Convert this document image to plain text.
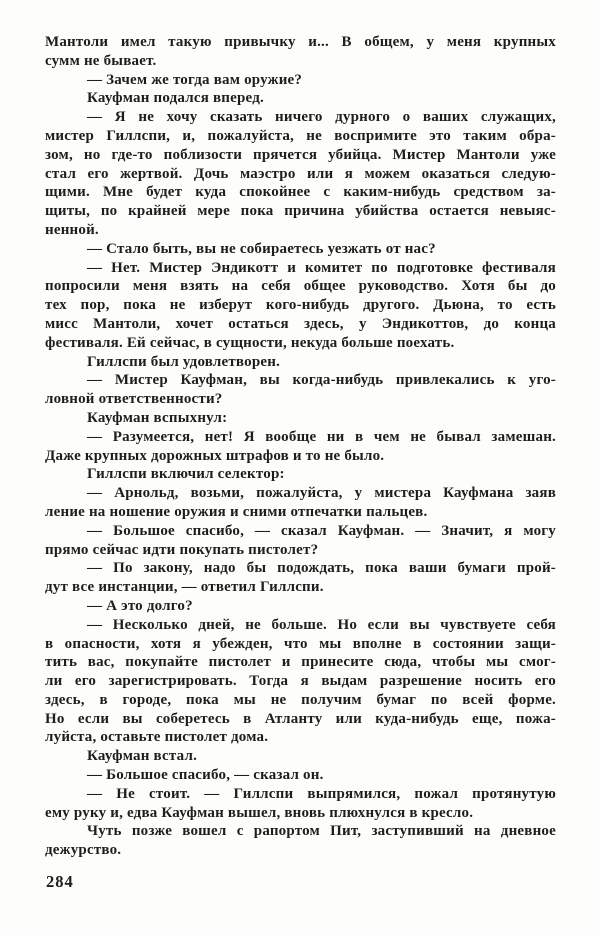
Мантоли имел такую привычку и... В общем, у меня крупных
сумм не бывает.
— Зачем же тогда вам оружие?
Кауфман подался вперед.
— Я не хочу сказать ничего дурного о ваших служащих,
мистер Гиллспи, и, пожалуйста, не воспримите это таким обра-
зом, но где-то поблизости прячется убийца. Мистер Мантоли уже
стал его жертвой. Дочь маэстро или я можем оказаться следую-
щими. Мне будет куда спокойнее с каким-нибудь средством за-
щиты, по крайней мере пока причина убийства остается невыяс-
ненной.
— Стало быть, вы не собираетесь уезжать от нас?
— Нет. Мистер Эндикотт и комитет по подготовке фестиваля
попросили меня взять на себя общее руководство. Хотя бы до
тех пор, пока не изберут кого-нибудь другого. Дьюна, то есть
мисс Мантоли, хочет остаться здесь, у Эндикоттов, до конца
фестиваля. Ей сейчас, в сущности, некуда больше поехать.
Гиллспи был удовлетворен.
— Мистер Кауфман, вы когда-нибудь привлекались к уго-
ловной ответственности?
Кауфман вспыхнул:
— Разумеется, нет! Я вообще ни в чем не бывал замешан.
Даже крупных дорожных штрафов и то не было.
Гиллспи включил селектор:
— Арнольд, возьми, пожалуйста, у мистера Кауфмана заяв
ление на ношение оружия и сними отпечатки пальцев.
— Большое спасибо, — сказал Кауфман. — Значит, я могу
прямо сейчас идти покупать пистолет?
— По закону, надо бы подождать, пока ваши бумаги прой-
дут все инстанции, — ответил Гиллспи.
— А это долго?
— Несколько дней, не больше. Но если вы чувствуете себя
в опасности, хотя я убежден, что мы вполне в состоянии защи-
тить вас, покупайте пистолет и принесите сюда, чтобы мы смог-
ли его зарегистрировать. Тогда я выдам разрешение носить его
здесь, в городе, пока мы не получим бумаг по всей форме.
Но если вы соберетесь в Атланту или куда-нибудь еще, пожа-
луйста, оставьте пистолет дома.
Кауфман встал.
— Большое спасибо, — сказал он.
— Не стоит. — Гиллспи выпрямился, пожал протянутую
ему руку и, едва Кауфман вышел, вновь плюхнулся в кресло.
Чуть позже вошел с рапортом Пит, заступивший на дневное
дежурство.
284
